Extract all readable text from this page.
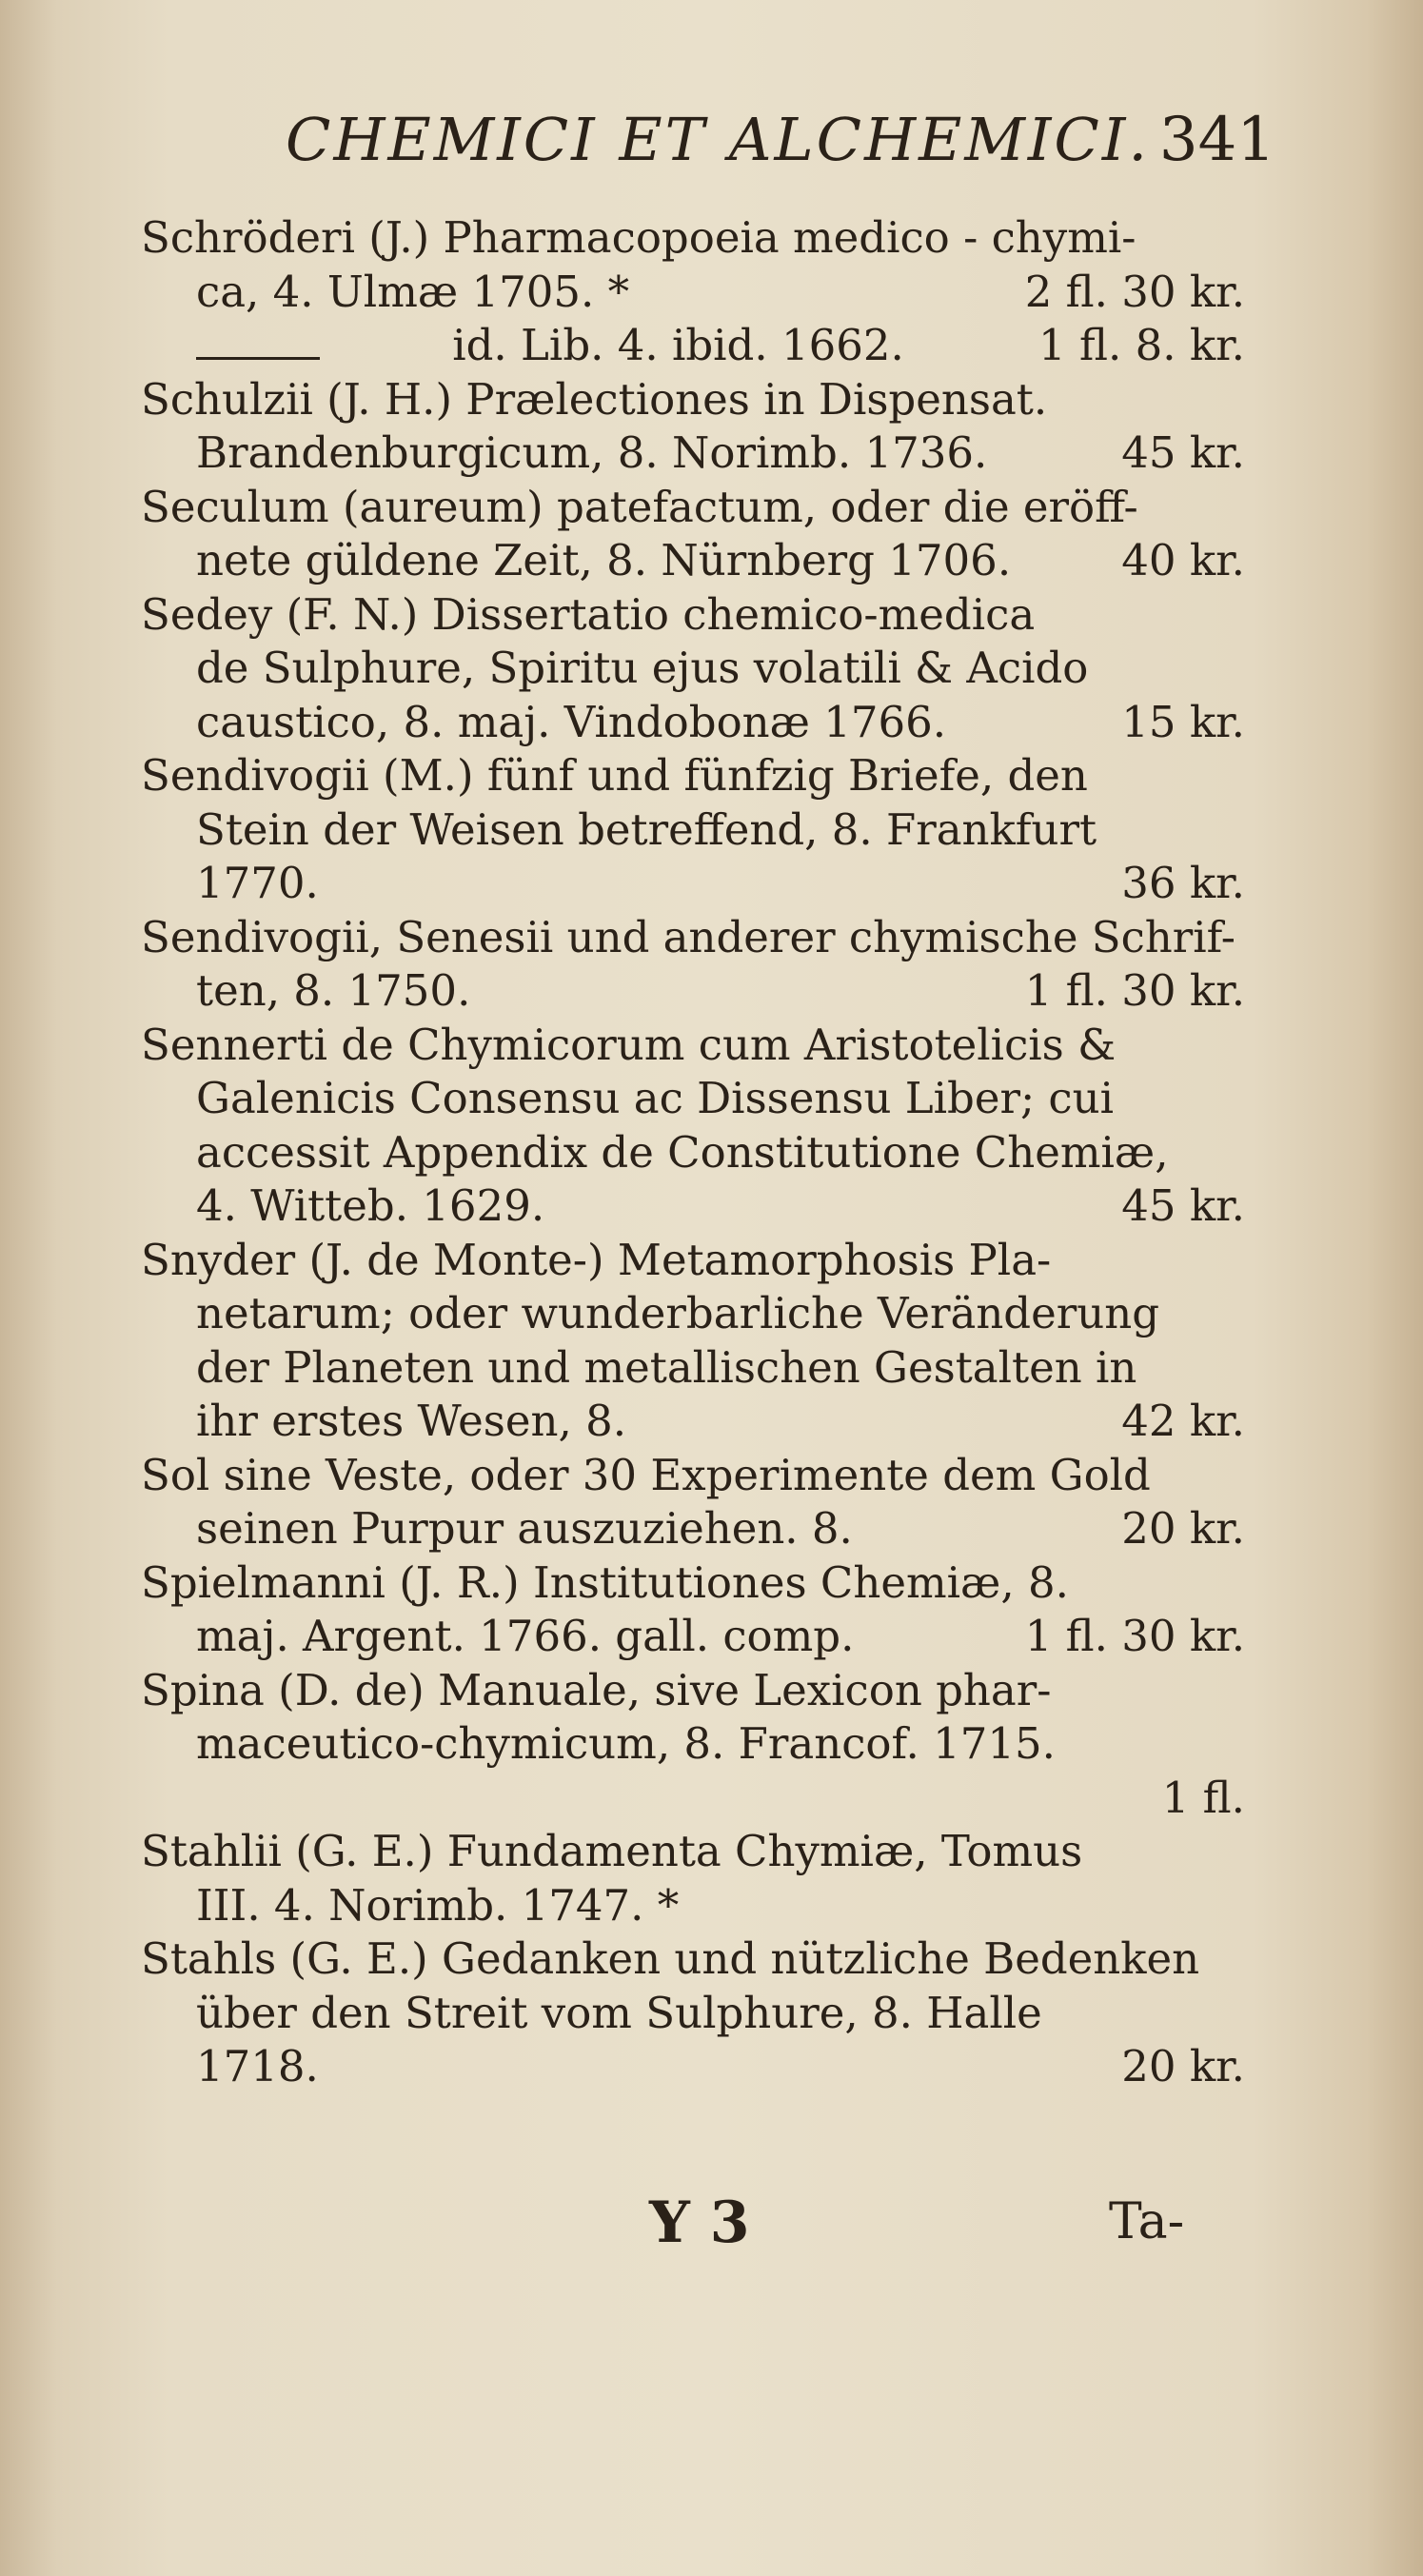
CHEMICI ET ALCHEMICI. 341
Schröderi (J.) Pharmacopoeia medico - chymi-
ca, 4. Ulmæ 1705. *	2 fl. 30 kr.
id. Lib. 4. ibid. 1662.	1 fl. 8. kr.
Schulzii (J. H.) Prælectiones in Dispensat.
Brandenburgicum, 8. Norimb. 1736.	45 kr.
Seculum (aureum) patefactum, oder die eröff-
nete güldene Zeit, 8. Nürnberg 1706.	40 kr.
Sedey (F. N.) Dissertatio chemico-medica
de Sulphure, Spiritu ejus volatili & Acido
caustico, 8. maj. Vindobonæ 1766.	15 kr.
Sendivogii (M.) fünf und fünfzig Briefe, den
Stein der Weisen betreffend, 8. Frankfurt
1770.	36 kr.
Sendivogii, Senesii und anderer chymische Schrif-
ten, 8. 1750.	1 fl. 30 kr.
Sennerti de Chymicorum cum Aristotelicis &
Galenicis Consensu ac Dissensu Liber; cui
accessit Appendix de Constitutione Chemiæ,
4. Witteb. 1629.	45 kr.
Snyder (J. de Monte-) Metamorphosis Pla-
netarum; oder wunderbarliche Veränderung
der Planeten und metallischen Gestalten in
ihr erstes Wesen, 8.	42 kr.
Sol sine Veste, oder 30 Experimente dem Gold
seinen Purpur auszuziehen. 8.	20 kr.
Spielmanni (J. R.) Institutiones Chemiæ, 8.
maj. Argent. 1766. gall. comp.	1 fl. 30 kr.
Spina (D. de) Manuale, sive Lexicon phar-
maceutico-chymicum, 8. Francof. 1715.
1 fl.
Stahlii (G. E.) Fundamenta Chymiæ, Tomus
III. 4. Norimb. 1747. *
Stahls (G. E.) Gedanken und nützliche Bedenken
über den Streit vom Sulphure, 8. Halle
1718.	20 kr.
Y 3	Ta-
